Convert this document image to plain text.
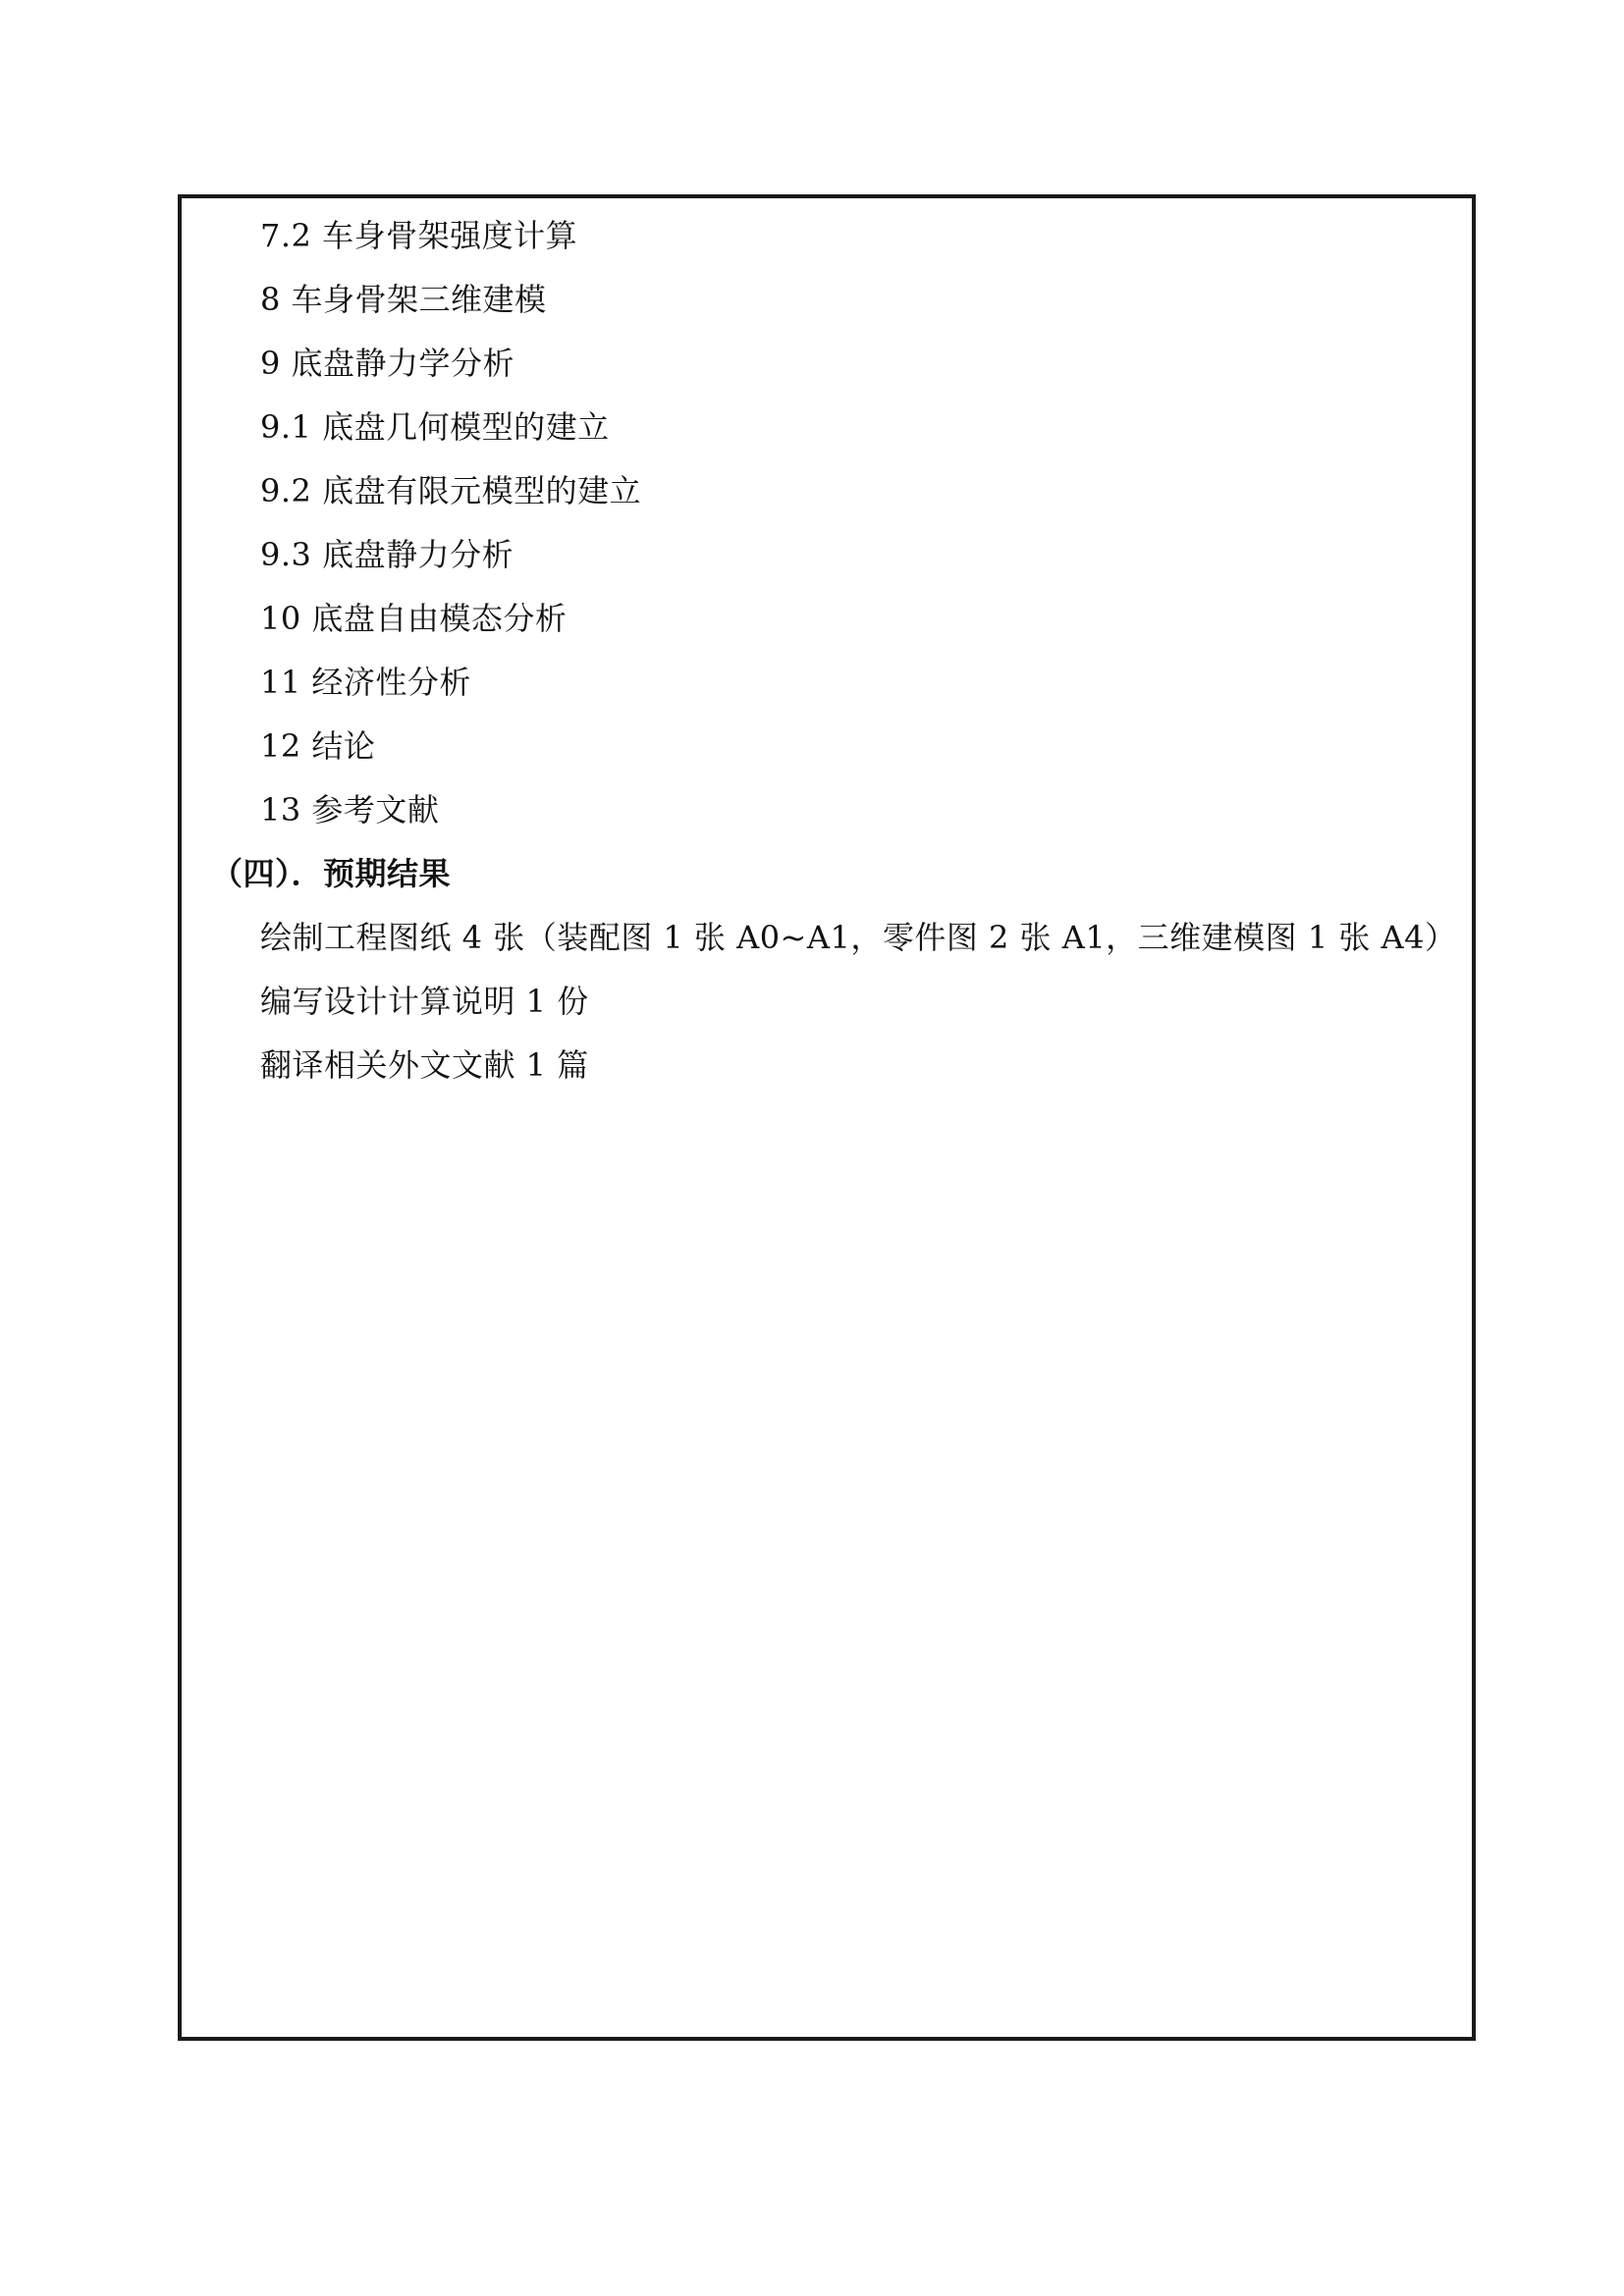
7.2 车身骨架强度计算
8 车身骨架三维建模
9 底盘静力学分析
9.1 底盘几何模型的建立
9.2 底盘有限元模型的建立
9.3 底盘静力分析
10 底盘自由模态分析
11 经济性分析
12 结论
13 参考文献
（四）．预期结果
绘制工程图纸 4 张（装配图 1 张 A0~A1，零件图 2 张 A1，三维建模图 1 张 A4）
编写设计计算说明 1 份
翻译相关外文文献 1 篇
